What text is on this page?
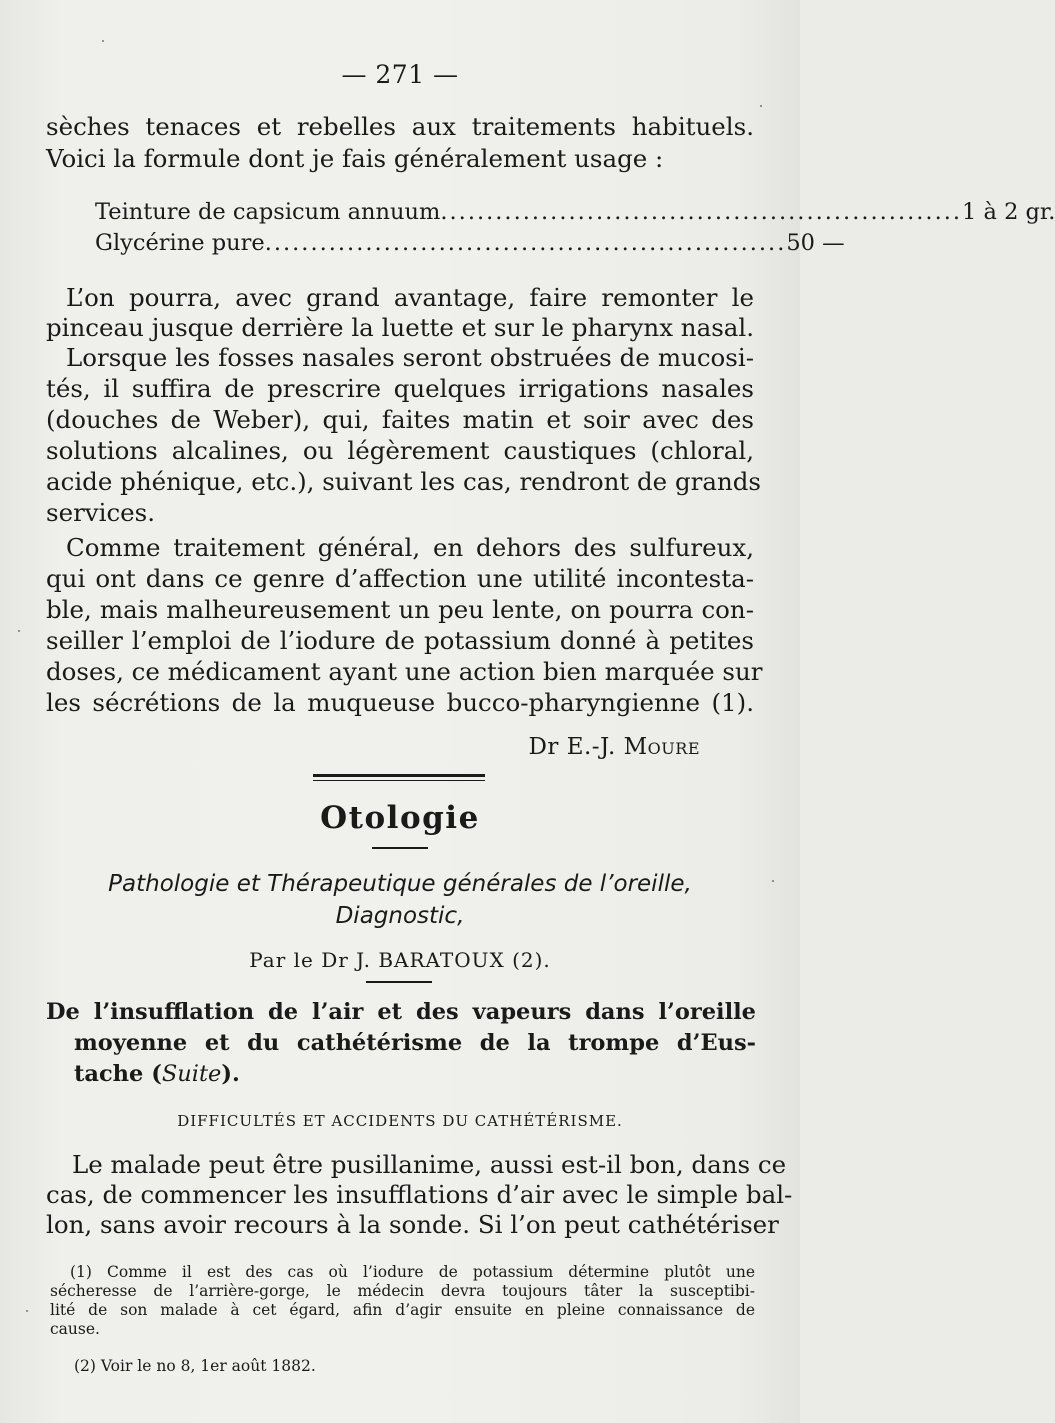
— 271 —
sèches tenaces et rebelles aux traitements habituels.
Voici la formule dont je fais généralement usage :
Teinture de capsicum annuum ......................................................... 1 à 2 gr.
Glycérine pure ......................................................... 50 —
L’on pourra, avec grand avantage, faire remonter le
pinceau jusque derrière la luette et sur le pharynx nasal.
Lorsque les fosses nasales seront obstruées de mucosi-
tés, il suffira de prescrire quelques irrigations nasales
(douches de Weber), qui, faites matin et soir avec des
solutions alcalines, ou légèrement caustiques (chloral,
acide phénique, etc.), suivant les cas, rendront de grands
services.
Comme traitement général, en dehors des sulfureux,
qui ont dans ce genre d’affection une utilité incontesta-
ble, mais malheureusement un peu lente, on pourra con-
seiller l’emploi de l’iodure de potassium donné à petites
doses, ce médicament ayant une action bien marquée sur
les sécrétions de la muqueuse bucco-pharyngienne (1).
Dr E.-J. Moure
Otologie
Pathologie et Thérapeutique générales de l’oreille,
Diagnostic,
Par le Dr J. BARATOUX (2).
De l’insufflation de l’air et des vapeurs dans l’oreille
moyenne et du cathétérisme de la trompe d’Eus-
tache (Suite).
DIFFICULTÉS ET ACCIDENTS DU CATHÉTÉRISME.
Le malade peut être pusillanime, aussi est-il bon, dans ce
cas, de commencer les insufflations d’air avec le simple bal-
lon, sans avoir recours à la sonde. Si l’on peut cathétériser
(1) Comme il est des cas où l’iodure de potassium détermine plutôt une
sécheresse de l’arrière-gorge, le médecin devra toujours tâter la susceptibi-
lité de son malade à cet égard, afin d’agir ensuite en pleine connaissance de
cause.
(2) Voir le no 8, 1er août 1882.
